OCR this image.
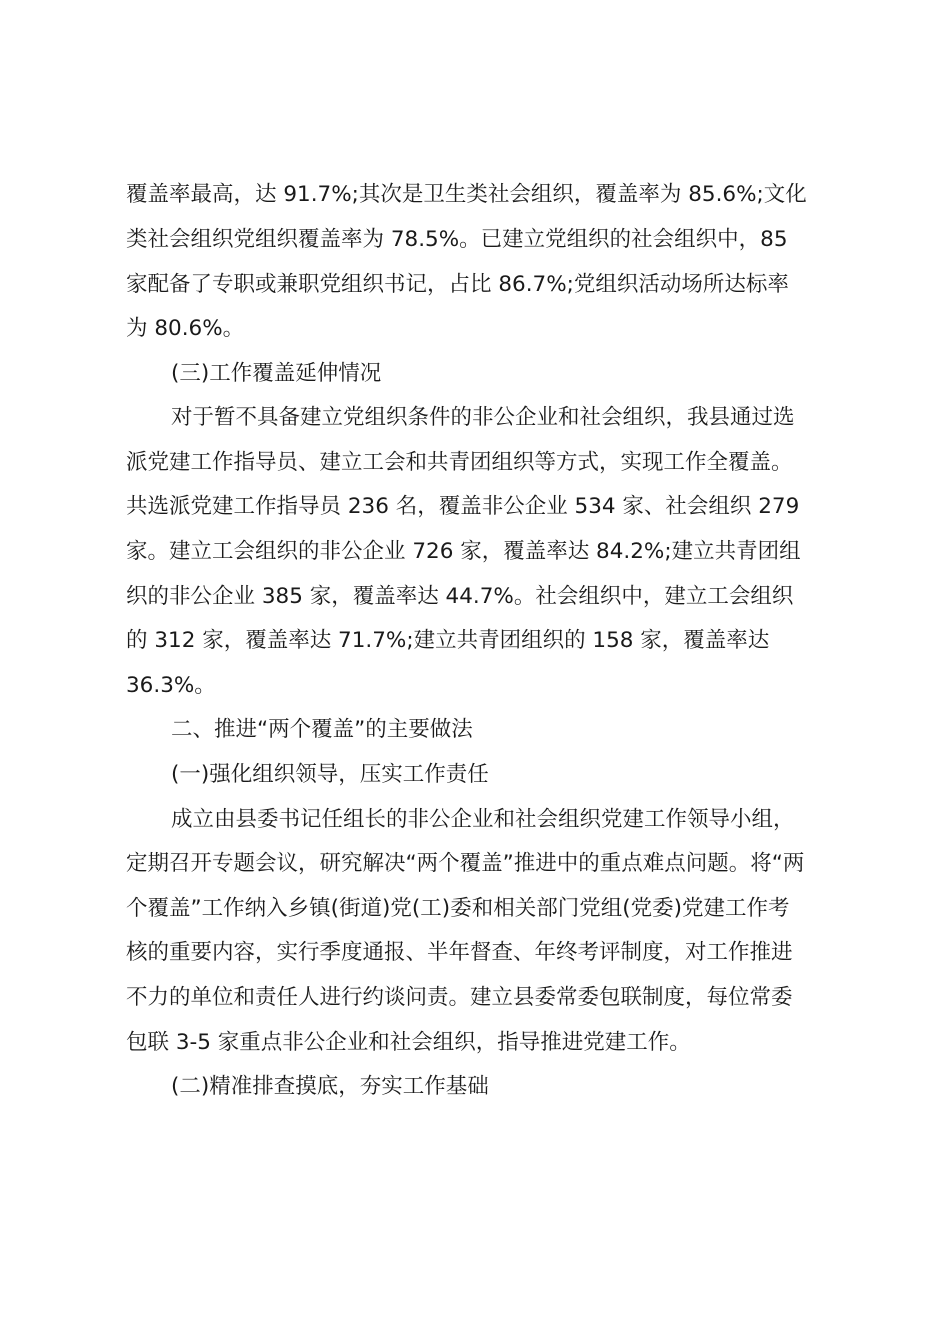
覆盖率最高，达 91.7%;其次是卫生类社会组织，覆盖率为 85.6%;文化

类社会组织党组织覆盖率为 78.5%。已建立党组织的社会组织中，85

家配备了专职或兼职党组织书记，占比 86.7%;党组织活动场所达标率

为 80.6%。

(三)工作覆盖延伸情况

对于暂不具备建立党组织条件的非公企业和社会组织，我县通过选

派党建工作指导员、建立工会和共青团组织等方式，实现工作全覆盖。

共选派党建工作指导员 236 名，覆盖非公企业 534 家、社会组织 279

家。建立工会组织的非公企业 726 家，覆盖率达 84.2%;建立共青团组

织的非公企业 385 家，覆盖率达 44.7%。社会组织中，建立工会组织

的 312 家，覆盖率达 71.7%;建立共青团组织的 158 家，覆盖率达

36.3%。

二、推进“两个覆盖”的主要做法

(一)强化组织领导，压实工作责任

成立由县委书记任组长的非公企业和社会组织党建工作领导小组，

定期召开专题会议，研究解决“两个覆盖”推进中的重点难点问题。将“两

个覆盖”工作纳入乡镇(街道)党(工)委和相关部门党组(党委)党建工作考

核的重要内容，实行季度通报、半年督查、年终考评制度，对工作推进

不力的单位和责任人进行约谈问责。建立县委常委包联制度，每位常委

包联 3-5 家重点非公企业和社会组织，指导推进党建工作。

(二)精准排查摸底，夯实工作基础
